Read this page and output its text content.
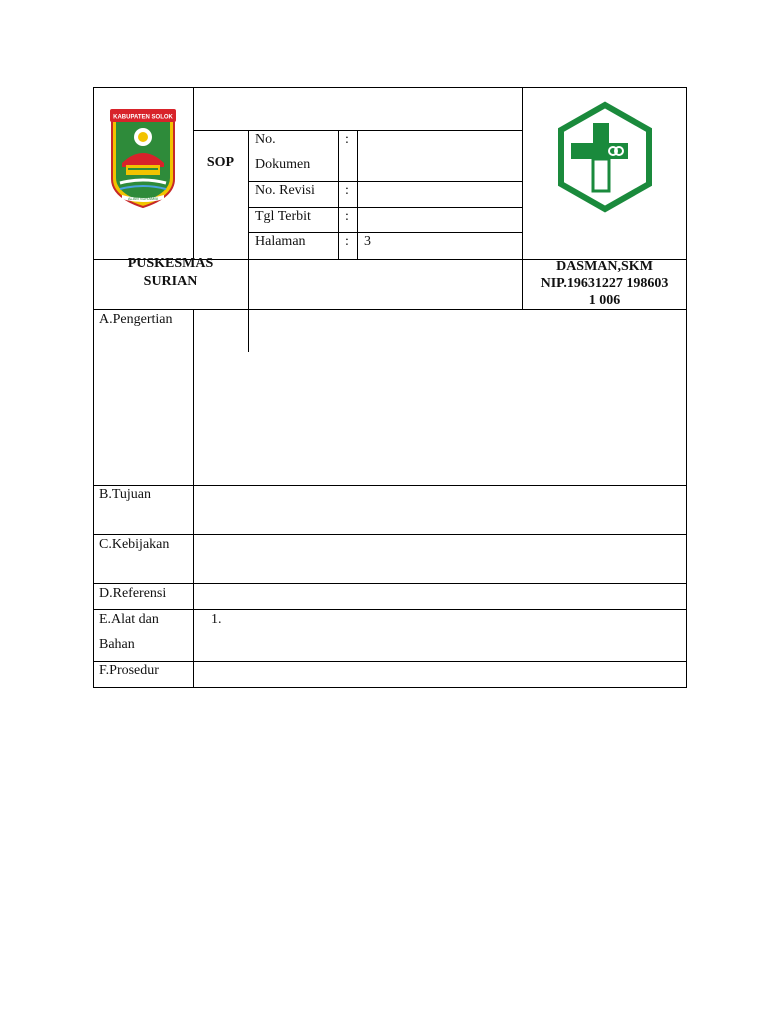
KABUPATEN SOLOK
ALAM SURAMBI
SOP
No.
Dokumen
:
No. Revisi :
Tgl Terbit :
Halaman	: 3
PUSKESMAS
SURIAN
DASMAN,SKM
NIP.19631227 198603
1 006
A.Pengertian
B.Tujuan
C.Kebijakan
D.Referensi
E.Alat dan
Bahan
1.
F.Prosedur
